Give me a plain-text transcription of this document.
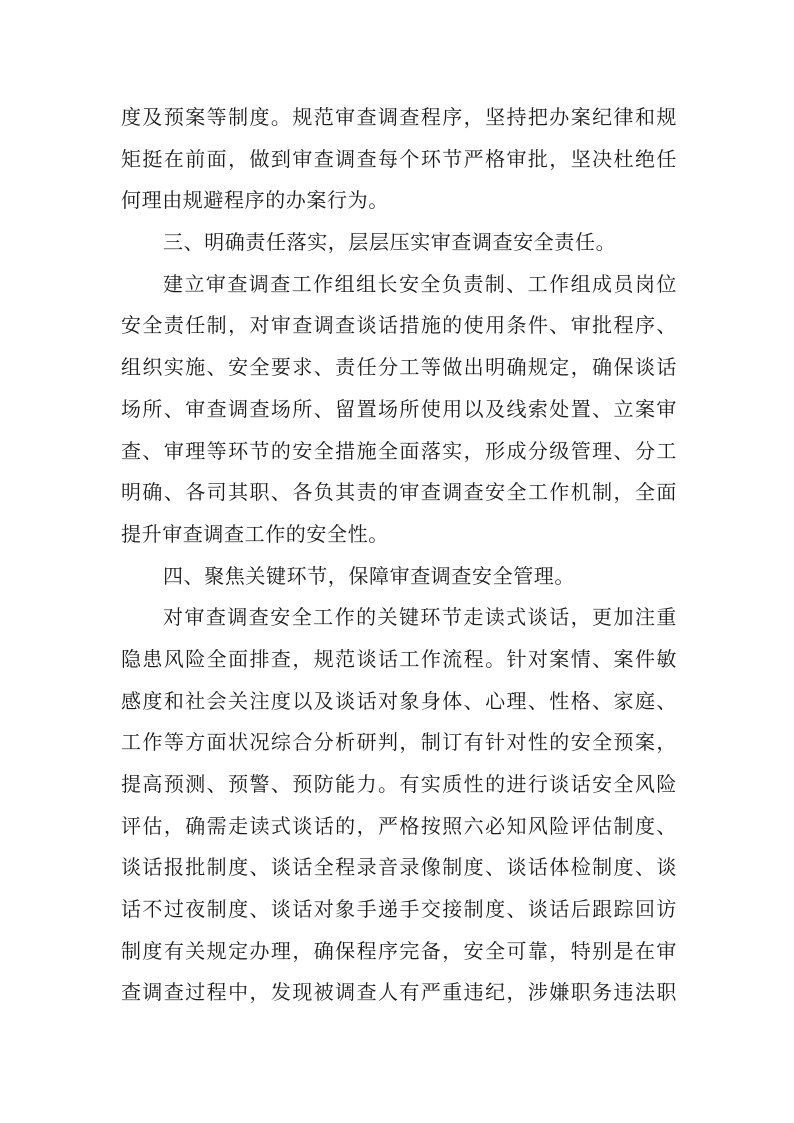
度及预案等制度。规范审查调查程序，坚持把办案纪律和规
矩挺在前面，做到审查调查每个环节严格审批，坚决杜绝任
何理由规避程序的办案行为。
三、明确责任落实，层层压实审查调查安全责任。
建立审查调查工作组组长安全负责制、工作组成员岗位
安全责任制，对审查调查谈话措施的使用条件、审批程序、
组织实施、安全要求、责任分工等做出明确规定，确保谈话
场所、审查调查场所、留置场所使用以及线索处置、立案审
查、审理等环节的安全措施全面落实，形成分级管理、分工
明确、各司其职、各负其责的审查调查安全工作机制，全面
提升审查调查工作的安全性。
四、聚焦关键环节，保障审查调查安全管理。
对审查调查安全工作的关键环节走读式谈话，更加注重
隐患风险全面排查，规范谈话工作流程。针对案情、案件敏
感度和社会关注度以及谈话对象身体、心理、性格、家庭、
工作等方面状况综合分析研判，制订有针对性的安全预案，
提高预测、预警、预防能力。有实质性的进行谈话安全风险
评估，确需走读式谈话的，严格按照六必知风险评估制度、
谈话报批制度、谈话全程录音录像制度、谈话体检制度、谈
话不过夜制度、谈话对象手递手交接制度、谈话后跟踪回访
制度有关规定办理，确保程序完备，安全可靠，特别是在审
查调查过程中，发现被调查人有严重违纪，涉嫌职务违法职
